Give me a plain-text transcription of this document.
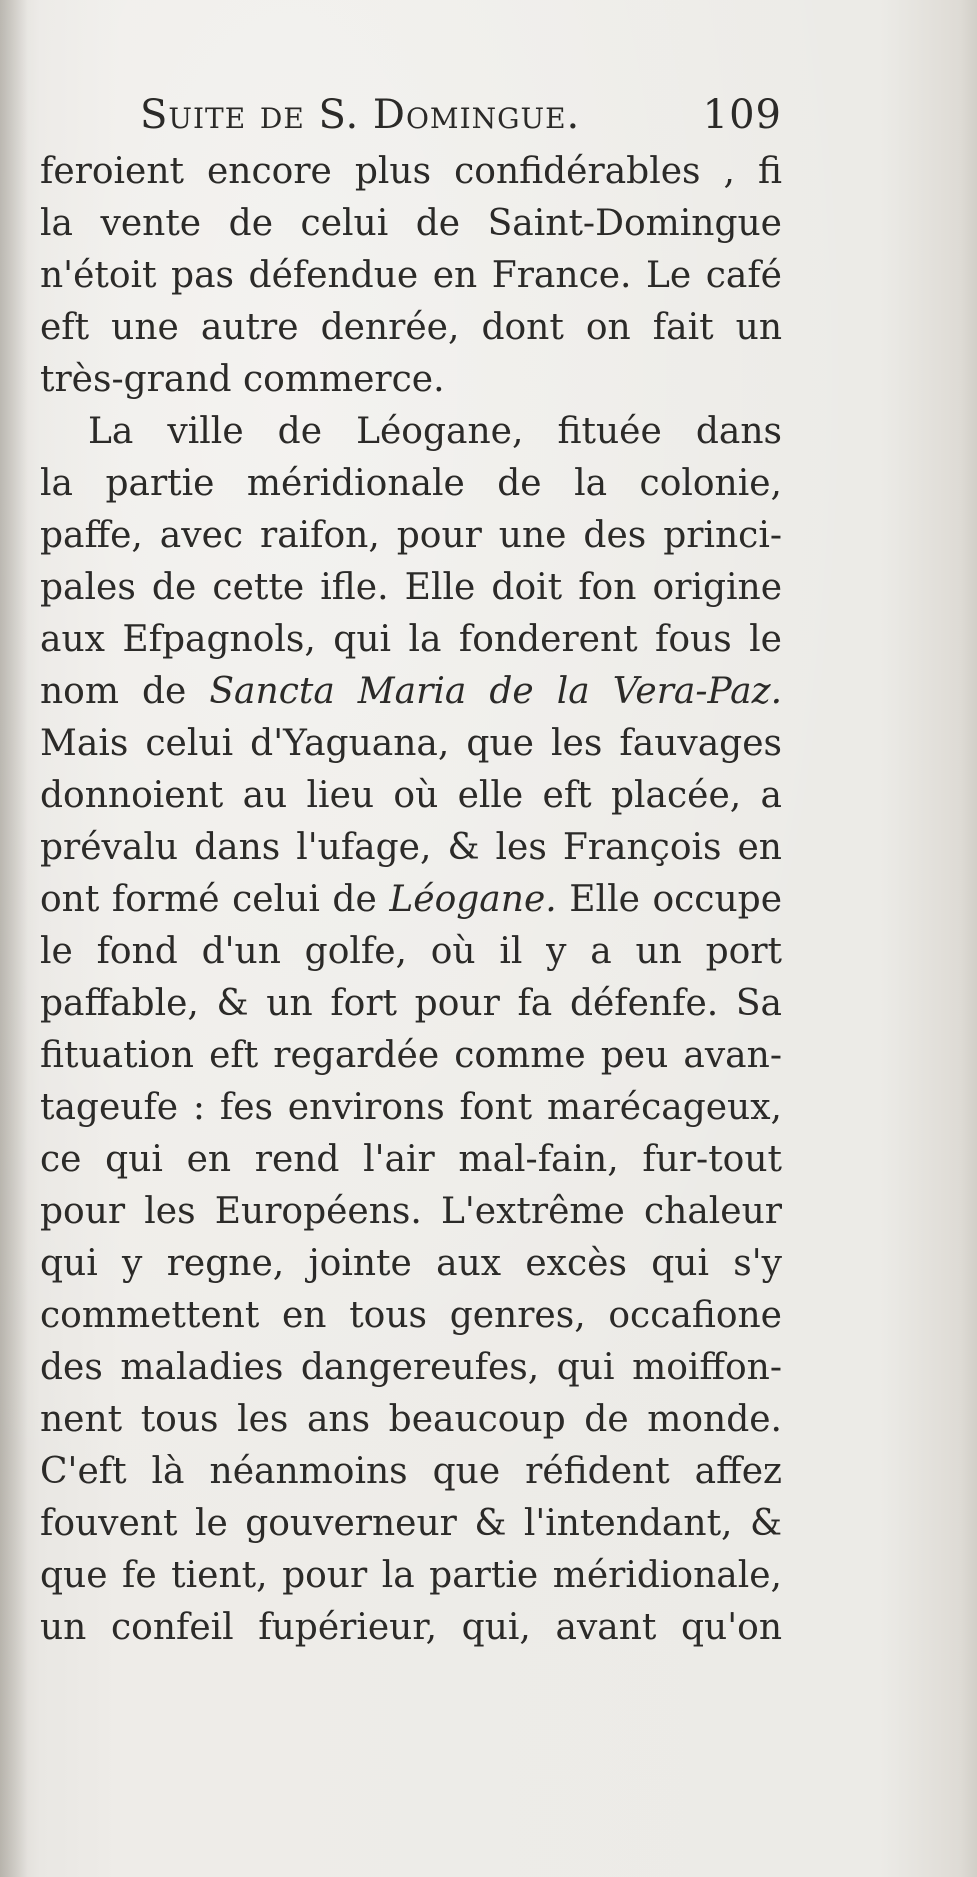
Suite de S. Domingue.	109
feroient encore plus confidérables , fi
la vente de celui de Saint-Domingue
n'étoit pas défendue en France. Le café
eft une autre denrée, dont on fait un
très-grand commerce.
La ville de Léogane, fituée dans
la partie méridionale de la colonie,
paffe, avec raifon, pour une des princi-
pales de cette ifle. Elle doit fon origine
aux Efpagnols, qui la fonderent fous le
nom de Sancta Maria de la Vera-Paz.
Mais celui d'Yaguana, que les fauvages
donnoient au lieu où elle eft placée, a
prévalu dans l'ufage, & les François en
ont formé celui de Léogane. Elle occupe
le fond d'un golfe, où il y a un port
paffable, & un fort pour fa défenfe. Sa
fituation eft regardée comme peu avan-
tageufe : fes environs font marécageux,
ce qui en rend l'air mal-fain, fur-tout
pour les Européens. L'extrême chaleur
qui y regne, jointe aux excès qui s'y
commettent en tous genres, occafione
des maladies dangereufes, qui moiffon-
nent tous les ans beaucoup de monde.
C'eft là néanmoins que réfident affez
fouvent le gouverneur & l'intendant, &
que fe tient, pour la partie méridionale,
un confeil fupérieur, qui, avant qu'on
